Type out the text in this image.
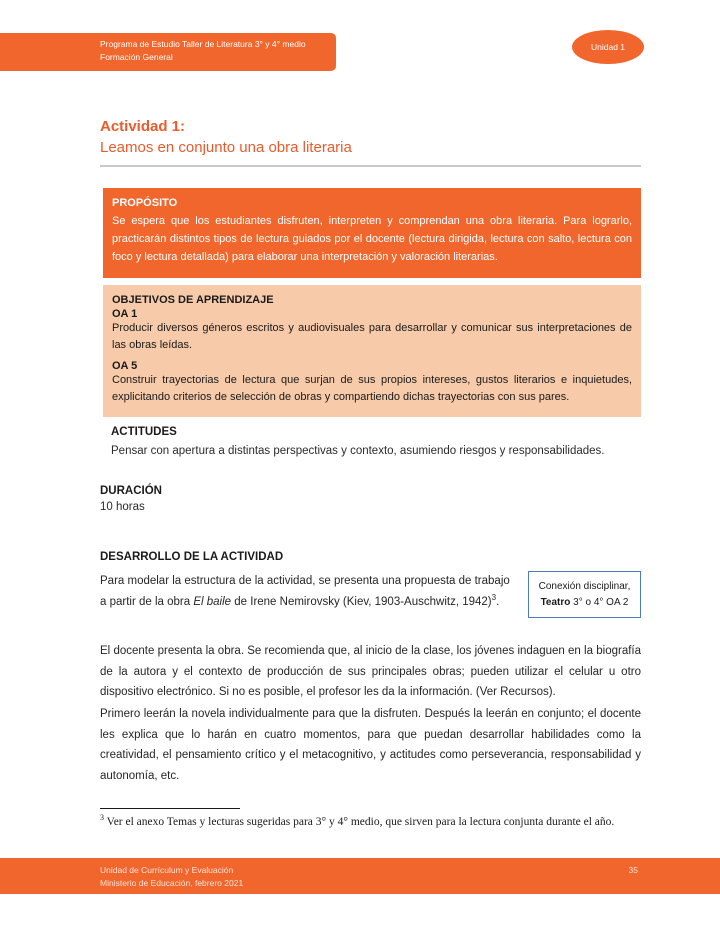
Programa de Estudio Taller de Literatura 3° y 4° medio
Formación General
Unidad 1
Actividad 1:
Leamos en conjunto una obra literaria
PROPÓSITO
Se espera que los estudiantes disfruten, interpreten y comprendan una obra literaria. Para lograrlo, practicarán distintos tipos de lectura guiados por el docente (lectura dirigida, lectura con salto, lectura con foco y lectura detallada) para elaborar una interpretación y valoración literarias.
OBJETIVOS DE APRENDIZAJE
OA 1
Producir diversos géneros escritos y audiovisuales para desarrollar y comunicar sus interpretaciones de las obras leídas.
OA 5
Construir trayectorias de lectura que surjan de sus propios intereses, gustos literarios e inquietudes, explicitando criterios de selección de obras y compartiendo dichas trayectorias con sus pares.
ACTITUDES
Pensar con apertura a distintas perspectivas y contexto, asumiendo riesgos y responsabilidades.
DURACIÓN
10 horas
DESARROLLO DE LA ACTIVIDAD

Para modelar la estructura de la actividad, se presenta una propuesta de trabajo a partir de la obra El baile de Irene Nemirovsky (Kiev, 1903-Auschwitz, 1942)$^3$.

Conexión disciplinar,
Teatro 3° o 4° OA 2

El docente presenta la obra. Se recomienda que, al inicio de la clase, los jóvenes indaguen en la biografía de la autora y el contexto de producción de sus principales obras; pueden utilizar el celular u otro dispositivo electrónico. Si no es posible, el profesor les da la información. (Ver Recursos).

Primero leerán la novela individualmente para que la disfruten. Después la leerán en conjunto; el docente les explica que lo harán en cuatro momentos, para que puedan desarrollar habilidades como la creatividad, el pensamiento crítico y el metacognitivo, y actitudes como perseverancia, responsabilidad y autonomía, etc.

$^3$ Ver el anexo Temas y lecturas sugeridas para 3° y 4° medio, que sirven para la lectura conjunta durante el año.
Unidad de Currículum y Evaluación
Ministerio de Educación, febrero 2021
35
